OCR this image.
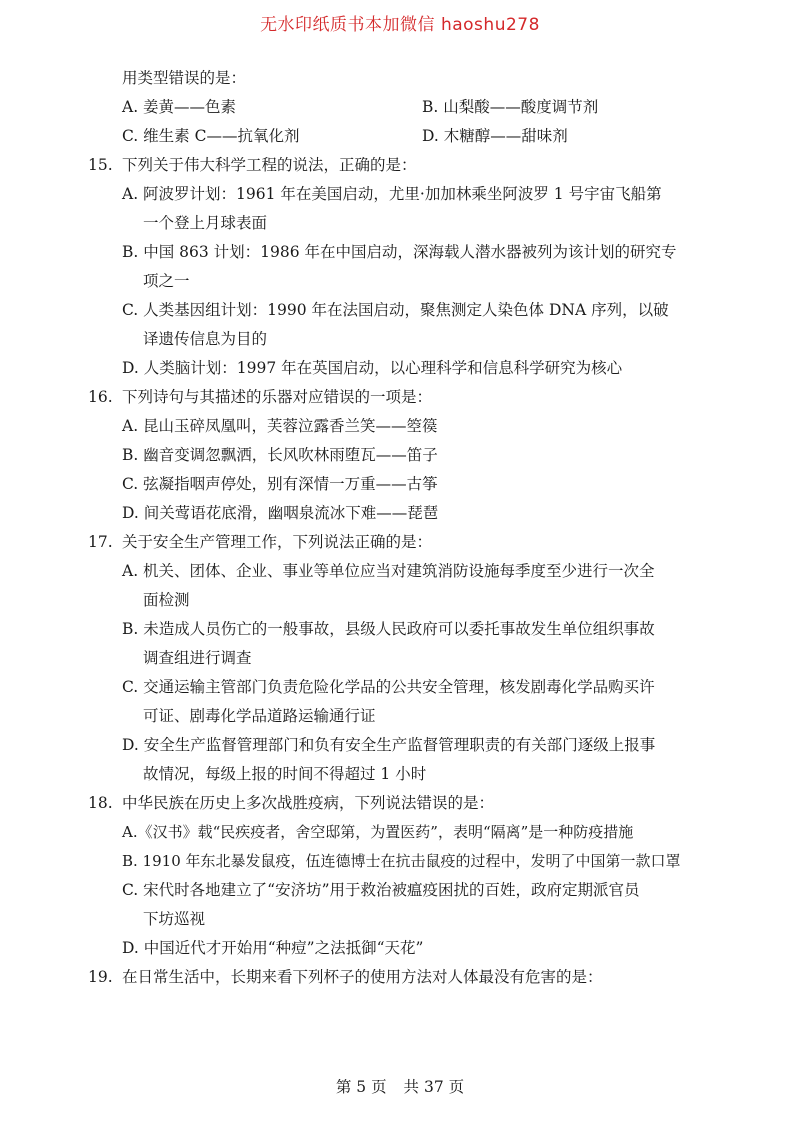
无水印纸质书本加微信 haoshu278
用类型错误的是：
A. 姜黄——色素	B. 山梨酸——酸度调节剂
C. 维生素 C——抗氧化剂	D. 木糖醇——甜味剂
15. 下列关于伟大科学工程的说法，正确的是：
A. 阿波罗计划：1961 年在美国启动，尤里·加加林乘坐阿波罗 1 号宇宙飞船第
一个登上月球表面
B. 中国 863 计划：1986 年在中国启动，深海载人潜水器被列为该计划的研究专
项之一
C. 人类基因组计划：1990 年在法国启动，聚焦测定人染色体 DNA 序列，以破
译遗传信息为目的
D. 人类脑计划：1997 年在英国启动，以心理科学和信息科学研究为核心
16. 下列诗句与其描述的乐器对应错误的一项是：
A. 昆山玉碎凤凰叫，芙蓉泣露香兰笑——箜篌
B. 幽音变调忽飘洒，长风吹林雨堕瓦——笛子
C. 弦凝指咽声停处，别有深情一万重——古筝
D. 间关莺语花底滑，幽咽泉流冰下难——琵琶
17. 关于安全生产管理工作，下列说法正确的是：
A. 机关、团体、企业、事业等单位应当对建筑消防设施每季度至少进行一次全
面检测
B. 未造成人员伤亡的一般事故，县级人民政府可以委托事故发生单位组织事故
调查组进行调查
C. 交通运输主管部门负责危险化学品的公共安全管理，核发剧毒化学品购买许
可证、剧毒化学品道路运输通行证
D. 安全生产监督管理部门和负有安全生产监督管理职责的有关部门逐级上报事
故情况，每级上报的时间不得超过 1 小时
18. 中华民族在历史上多次战胜疫病，下列说法错误的是：
A.《汉书》载“民疾疫者，舍空邸第，为置医药”，表明“隔离”是一种防疫措施
B. 1910 年东北暴发鼠疫，伍连德博士在抗击鼠疫的过程中，发明了中国第一款口罩
C. 宋代时各地建立了“安济坊”用于救治被瘟疫困扰的百姓，政府定期派官员
下坊巡视
D. 中国近代才开始用“种痘”之法抵御“天花”
19. 在日常生活中，长期来看下列杯子的使用方法对人体最没有危害的是：
第 5 页 共 37 页
